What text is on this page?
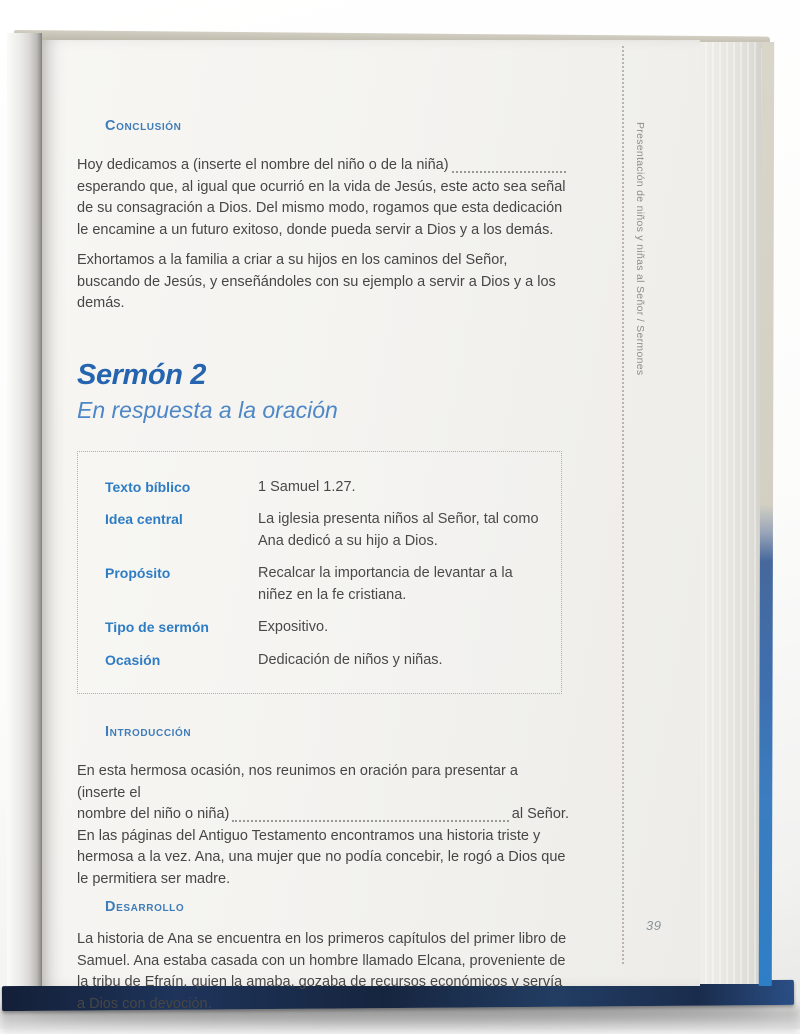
Presentación de niños y niñas al Señor / Sermones
39
Conclusión
Hoy dedicamos a (inserte el nombre del niño o de la niña)
esperando que, al igual que ocurrió en la vida de Jesús, este acto sea señal de su consagración a Dios. Del mismo modo, rogamos que esta dedicación le encamine a un futuro exitoso, donde pueda servir a Dios y a los demás.
Exhortamos a la familia a criar a su hijos en los caminos del Señor, buscando de Jesús, y enseñándoles con su ejemplo a servir a Dios y a los demás.
Sermón 2
En respuesta a la oración
Texto bíblico	1 Samuel 1.27.
Idea central	La iglesia presenta niños al Señor, tal como Ana dedicó a su hijo a Dios.
Propósito	Recalcar la importancia de levantar a la niñez en la fe cristiana.
Tipo de sermón	Expositivo.
Ocasión	Dedicación de niños y niñas.
Introducción
En esta hermosa ocasión, nos reunimos en oración para presentar a (inserte el
nombre del niño o niña)	al Señor.
En las páginas del Antiguo Testamento encontramos una historia triste y hermosa a la vez. Ana, una mujer que no podía concebir, le rogó a Dios que le permitiera ser madre.
Desarrollo
La historia de Ana se encuentra en los primeros capítulos del primer libro de Samuel. Ana estaba casada con un hombre llamado Elcana, proveniente de la tribu de Efraín, quien la amaba, gozaba de recursos económicos y servía a Dios con devoción.
